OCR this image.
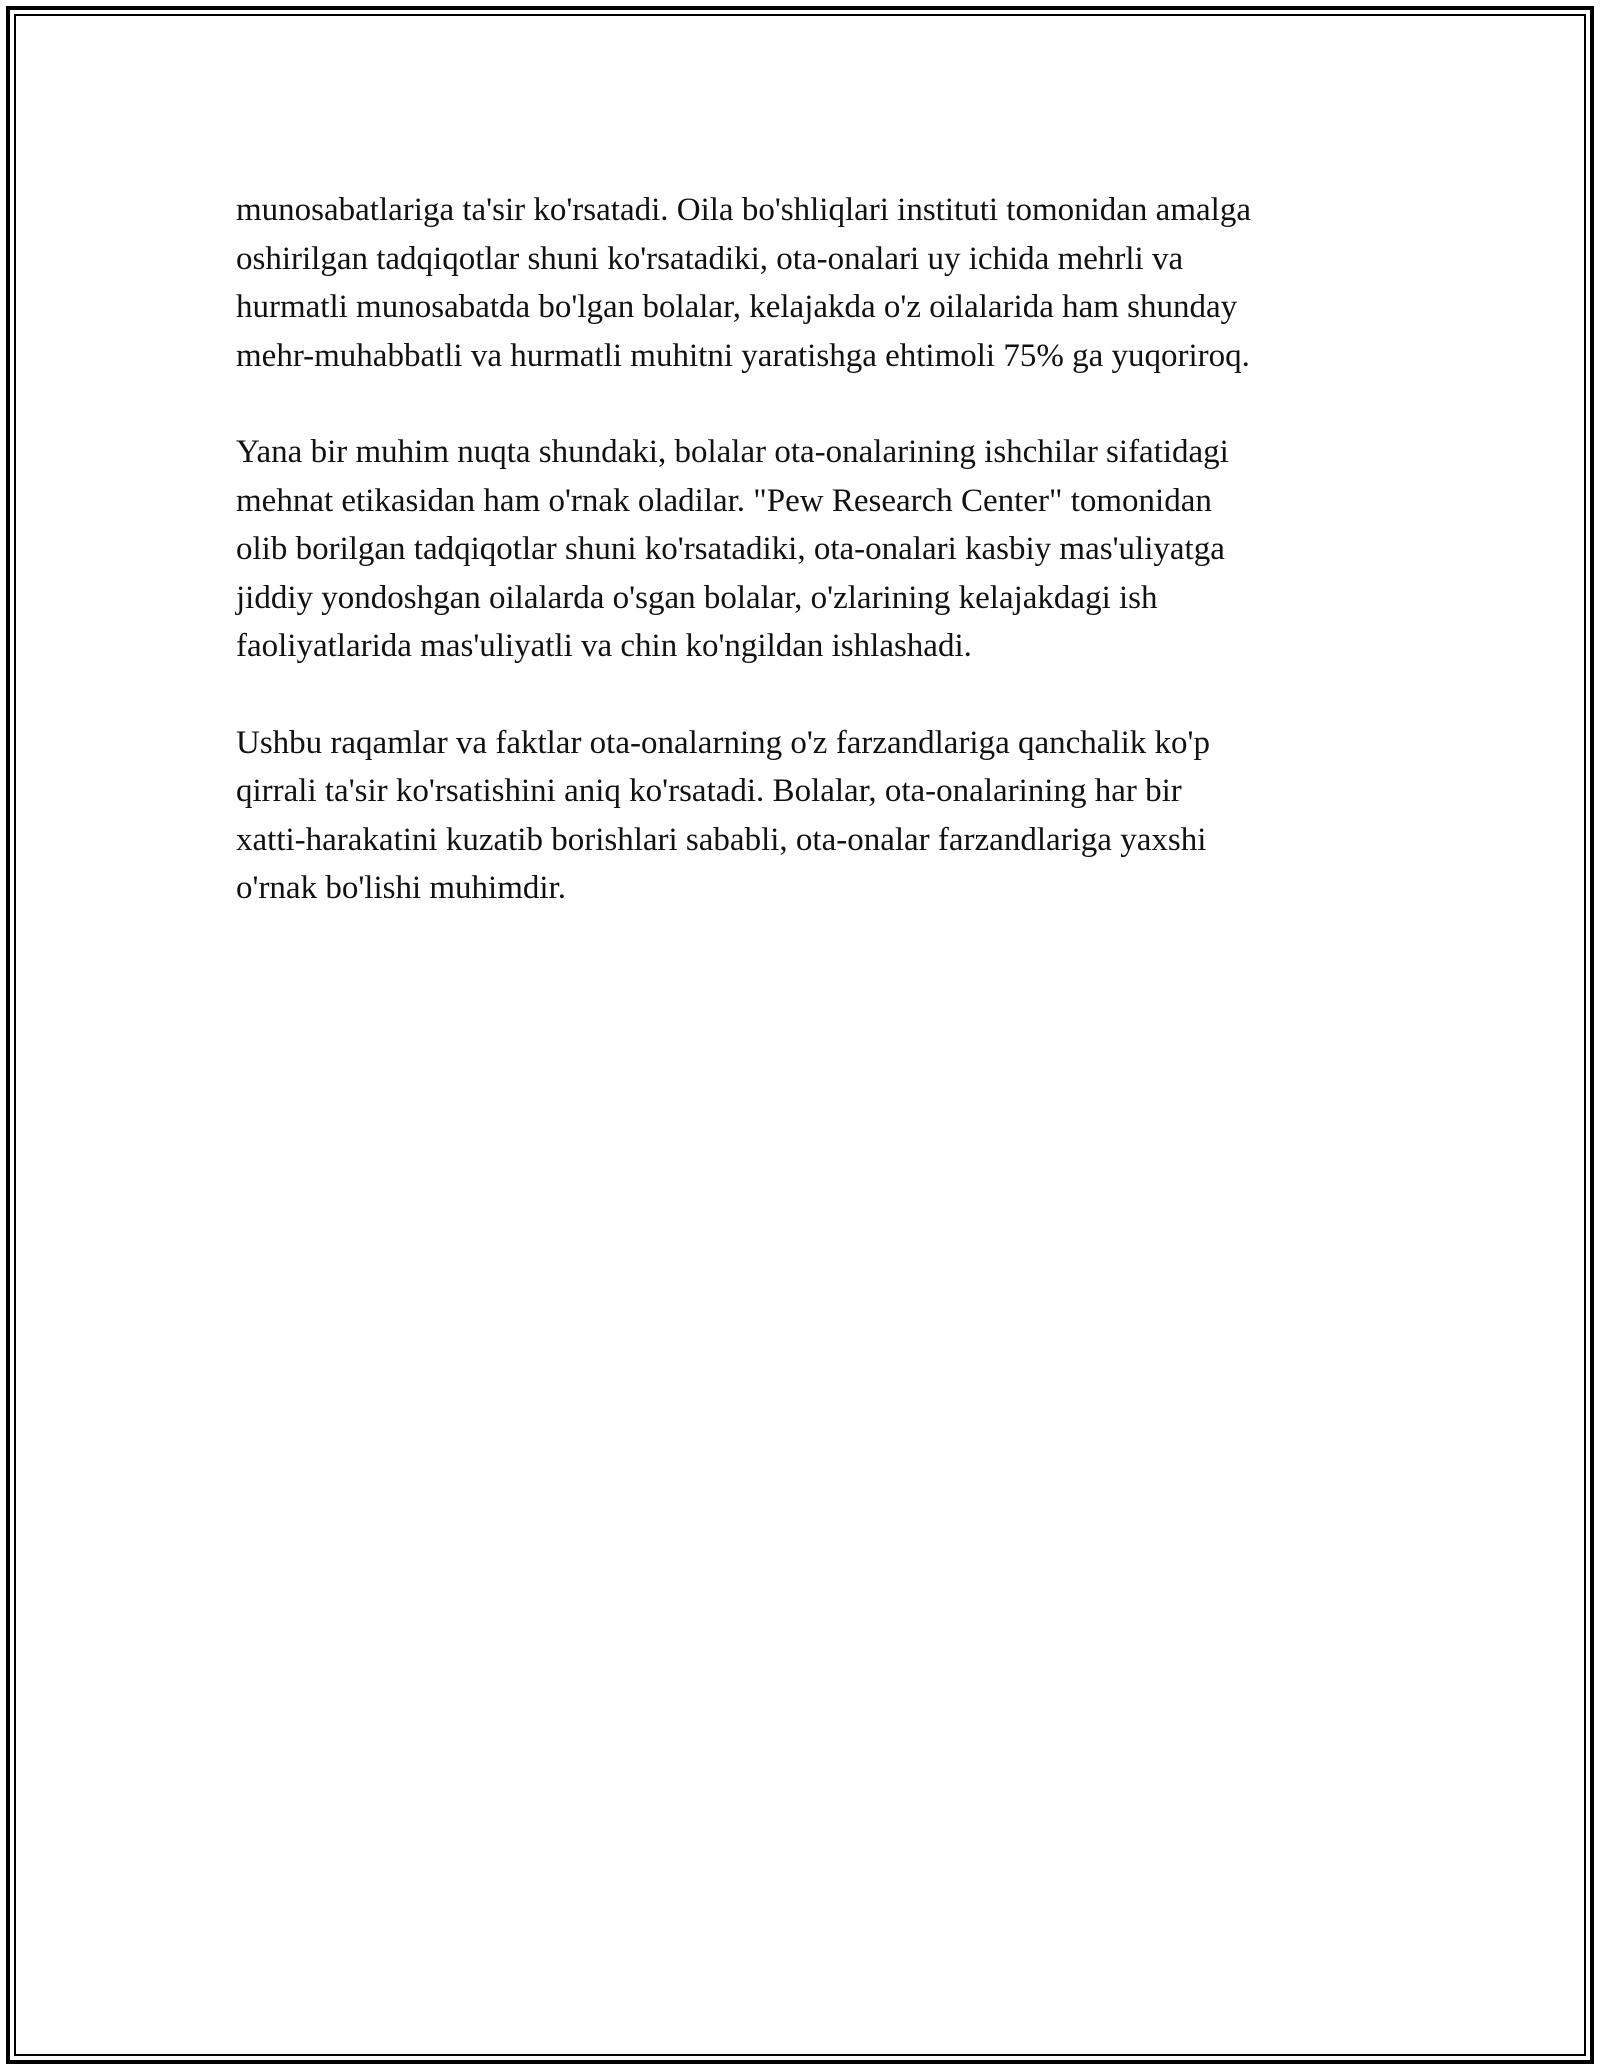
munosabatlariga ta'sir ko'rsatadi. Oila bo'shliqlari instituti tomonidan amalga
oshirilgan tadqiqotlar shuni ko'rsatadiki, ota-onalari uy ichida mehrli va
hurmatli munosabatda bo'lgan bolalar, kelajakda o'z oilalarida ham shunday
mehr-muhabbatli va hurmatli muhitni yaratishga ehtimoli 75% ga yuqoriroq.

Yana bir muhim nuqta shundaki, bolalar ota-onalarining ishchilar sifatidagi
mehnat etikasidan ham o'rnak oladilar. "Pew Research Center" tomonidan
olib borilgan tadqiqotlar shuni ko'rsatadiki, ota-onalari kasbiy mas'uliyatga
jiddiy yondoshgan oilalarda o'sgan bolalar, o'zlarining kelajakdagi ish
faoliyatlarida mas'uliyatli va chin ko'ngildan ishlashadi.

Ushbu raqamlar va faktlar ota-onalarning o'z farzandlariga qanchalik ko'p
qirrali ta'sir ko'rsatishini aniq ko'rsatadi. Bolalar, ota-onalarining har bir
xatti-harakatini kuzatib borishlari sababli, ota-onalar farzandlariga yaxshi
o'rnak bo'lishi muhimdir.
